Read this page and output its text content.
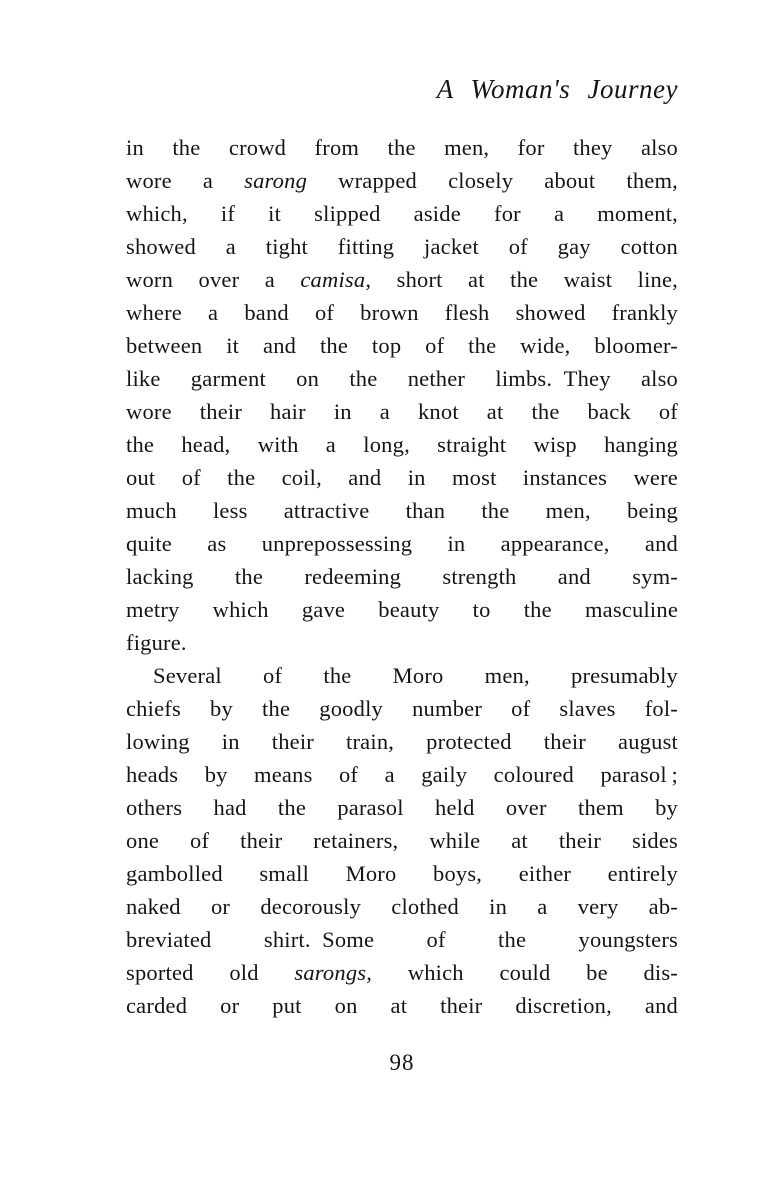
A Woman's Journey
in the crowd from the men, for they also
wore a sarong wrapped closely about them,
which, if it slipped aside for a moment,
showed a tight fitting jacket of gay cotton
worn over a camisa, short at the waist line,
where a band of brown flesh showed frankly
between it and the top of the wide, bloomer-
like garment on the nether limbs. They also
wore their hair in a knot at the back of
the head, with a long, straight wisp hanging
out of the coil, and in most instances were
much less attractive than the men, being
quite as unprepossessing in appearance, and
lacking the redeeming strength and sym-
metry which gave beauty to the masculine
figure.
Several of the Moro men, presumably
chiefs by the goodly number of slaves fol-
lowing in their train, protected their august
heads by means of a gaily coloured parasol ;
others had the parasol held over them by
one of their retainers, while at their sides
gambolled small Moro boys, either entirely
naked or decorously clothed in a very ab-
breviated shirt. Some of the youngsters
sported old sarongs, which could be dis-
carded or put on at their discretion, and
98
